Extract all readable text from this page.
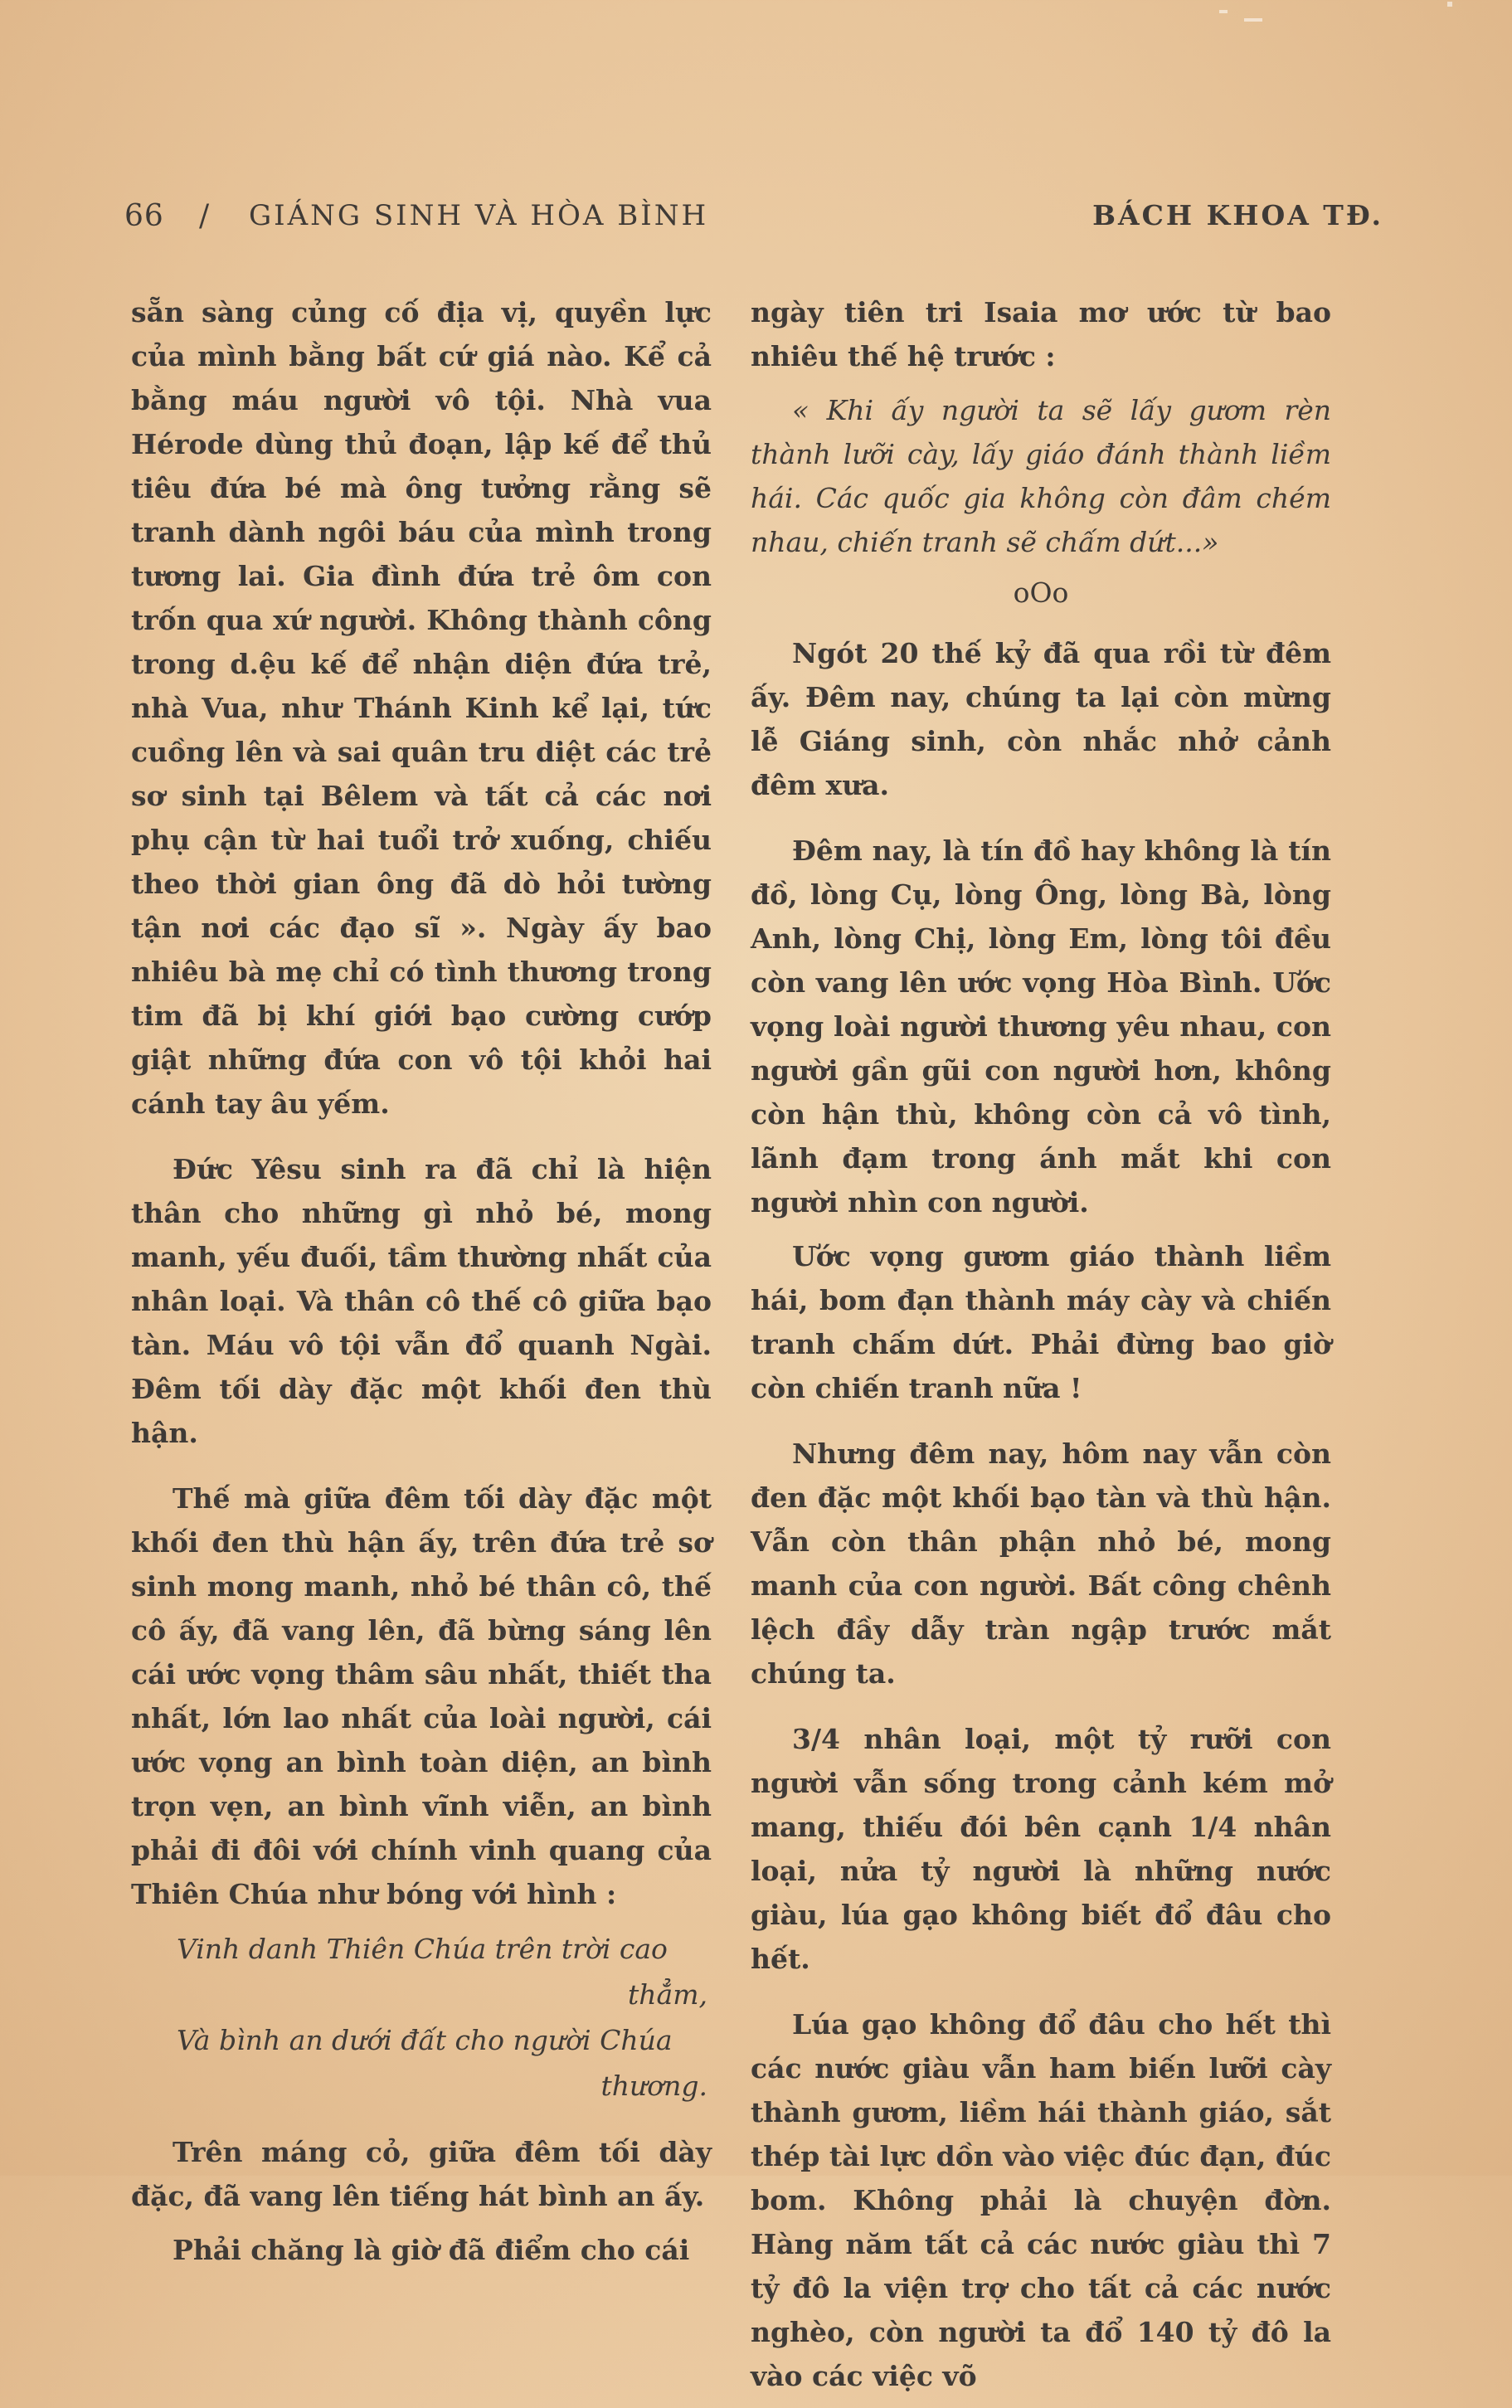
66 / GIÁNG SINH VÀ HÒA BÌNH	BÁCH KHOA TĐ.

sẵn sàng củng cố địa vị, quyền lực của mình bằng bất cứ giá nào. Kể cả bằng máu người vô tội. Nhà vua Hérode dùng thủ đoạn, lập kế để thủ tiêu đứa bé mà ông tưởng rằng sẽ tranh dành ngôi báu của mình trong tương lai. Gia đình đứa trẻ ôm con trốn qua xứ người. Không thành công trong d.ệu kế để nhận diện đứa trẻ, nhà Vua, như Thánh Kinh kể lại, tức cuồng lên và sai quân tru diệt các trẻ sơ sinh tại Bêlem và tất cả các nơi phụ cận từ hai tuổi trở xuống, chiếu theo thời gian ông đã dò hỏi tường tận nơi các đạo sĩ ». Ngày ấy bao nhiêu bà mẹ chỉ có tình thương trong tim đã bị khí giới bạo cường cướp giật những đứa con vô tội khỏi hai cánh tay âu yếm.

Đức Yêsu sinh ra đã chỉ là hiện thân cho những gì nhỏ bé, mong manh, yếu đuối, tầm thường nhất của nhân loại. Và thân cô thế cô giữa bạo tàn. Máu vô tội vẫn đổ quanh Ngài. Đêm tối dày đặc một khối đen thù hận.

Thế mà giữa đêm tối dày đặc một khối đen thù hận ấy, trên đứa trẻ sơ sinh mong manh, nhỏ bé thân cô, thế cô ấy, đã vang lên, đã bừng sáng lên cái ước vọng thâm sâu nhất, thiết tha nhất, lớn lao nhất của loài người, cái ước vọng an bình toàn diện, an bình trọn vẹn, an bình vĩnh viễn, an bình phải đi đôi với chính vinh quang của Thiên Chúa như bóng với hình :

Vinh danh Thiên Chúa trên trời cao
thẳm,
Và bình an dưới đất cho người Chúa
thương.

Trên máng cỏ, giữa đêm tối dày đặc, đã vang lên tiếng hát bình an ấy.

Phải chăng là giờ đã điểm cho cái

ngày tiên tri Isaia mơ ước từ bao nhiêu thế hệ trước :

« Khi ấy người ta sẽ lấy gươm rèn thành lưỡi cày, lấy giáo đánh thành liềm hái. Các quốc gia không còn đâm chém nhau, chiến tranh sẽ chấm dứt...»

oOo

Ngót 20 thế kỷ đã qua rồi từ đêm ấy. Đêm nay, chúng ta lại còn mừng lễ Giáng sinh, còn nhắc nhở cảnh đêm xưa.

Đêm nay, là tín đồ hay không là tín đồ, lòng Cụ, lòng Ông, lòng Bà, lòng Anh, lòng Chị, lòng Em, lòng tôi đều còn vang lên ước vọng Hòa Bình. Ước vọng loài người thương yêu nhau, con người gần gũi con người hơn, không còn hận thù, không còn cả vô tình, lãnh đạm trong ánh mắt khi con người nhìn con người.

Ước vọng gươm giáo thành liềm hái, bom đạn thành máy cày và chiến tranh chấm dứt. Phải đừng bao giờ còn chiến tranh nữa !

Nhưng đêm nay, hôm nay vẫn còn đen đặc một khối bạo tàn và thù hận. Vẫn còn thân phận nhỏ bé, mong manh của con người. Bất công chênh lệch đầy dẫy tràn ngập trước mắt chúng ta.

3/4 nhân loại, một tỷ rưỡi con người vẫn sống trong cảnh kém mở mang, thiếu đói bên cạnh 1/4 nhân loại, nửa tỷ người là những nước giàu, lúa gạo không biết đổ đâu cho hết.

Lúa gạo không đổ đâu cho hết thì các nước giàu vẫn ham biến lưỡi cày thành gươm, liềm hái thành giáo, sắt thép tài lực dồn vào việc đúc đạn, đúc bom. Không phải là chuyện đờn. Hàng năm tất cả các nước giàu thì 7 tỷ đô la viện trợ cho tất cả các nước nghèo, còn người ta đổ 140 tỷ đô la vào các việc võ
